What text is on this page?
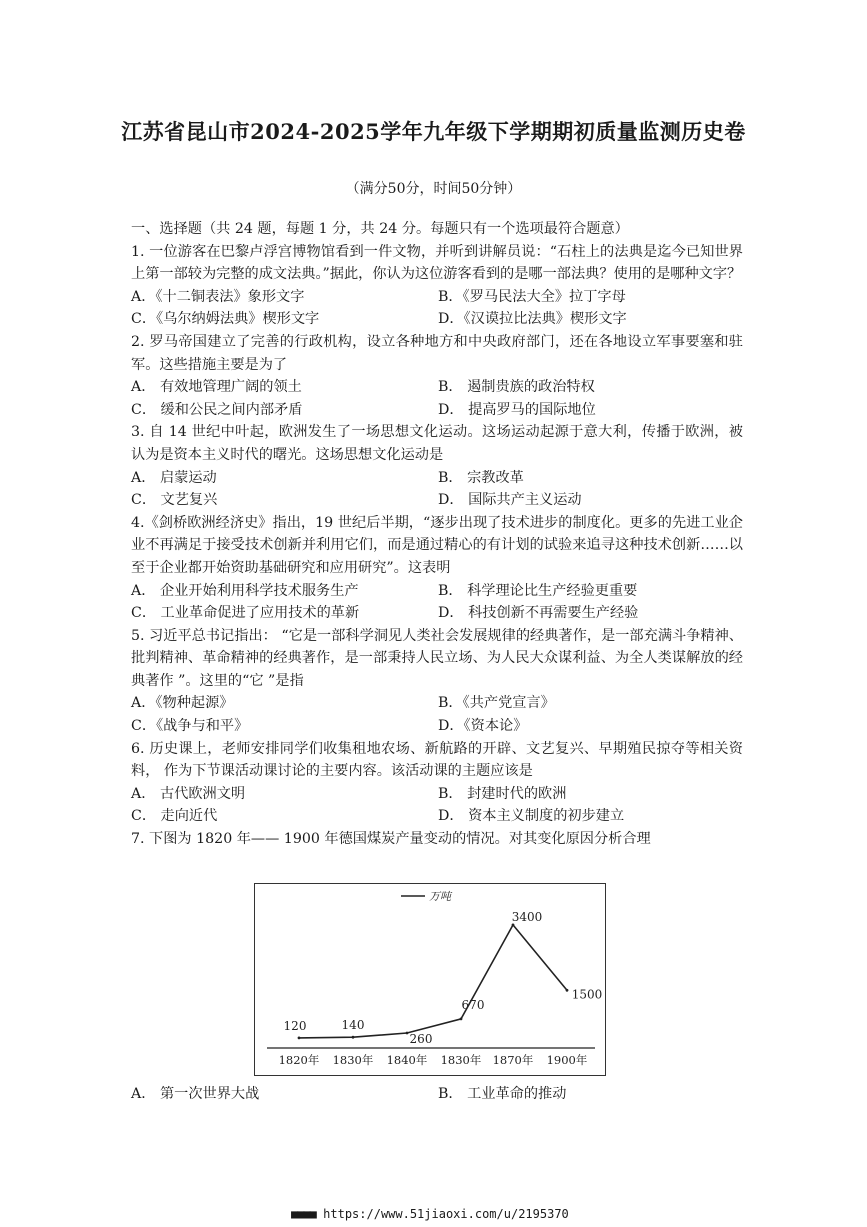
江苏省昆山市2024-2025学年九年级下学期期初质量监测历史卷
（满分50分，时间50分钟）
一、选择题（共 24 题，每题 1 分，共 24 分。每题只有一个选项最符合题意）
1. 一位游客在巴黎卢浮宫博物馆看到一件文物，并听到讲解员说：“石柱上的法典是迄今已知世界上第一部较为完整的成文法典。”据此，你认为这位游客看到的是哪一部法典？使用的是哪种文字？
A．《十二铜表法》象形文字	B．《罗马民法大全》拉丁字母
C．《乌尔纳姆法典》楔形文字	D．《汉谟拉比法典》楔形文字
2. 罗马帝国建立了完善的行政机构，设立各种地方和中央政府部门，还在各地设立军事要塞和驻军。这些措施主要是为了
A． 有效地管理广阔的领土	B． 遏制贵族的政治特权
C． 缓和公民之间内部矛盾	D． 提高罗马的国际地位
3. 自 14 世纪中叶起，欧洲发生了一场思想文化运动。这场运动起源于意大利，传播于欧洲，被认为是资本主义时代的曙光。这场思想文化运动是
A． 启蒙运动	B． 宗教改革
C． 文艺复兴	D． 国际共产主义运动
4.《剑桥欧洲经济史》指出，19 世纪后半期，“逐步出现了技术进步的制度化。更多的先进工业企业不再满足于接受技术创新并利用它们，而是通过精心的有计划的试验来追寻这种技术创新……以至于企业都开始资助基础研究和应用研究”。这表明
A． 企业开始利用科学技术服务生产	B． 科学理论比生产经验更重要
C． 工业革命促进了应用技术的革新	D． 科技创新不再需要生产经验
5. 习近平总书记指出： “它是一部科学洞见人类社会发展规律的经典著作，是一部充满斗争精神、 批判精神、革命精神的经典著作，是一部秉持人民立场、为人民大众谋利益、为全人类谋解放的经典著作 ”。这里的“它 ”是指
A．《物种起源》	B．《共产党宣言》
C．《战争与和平》	D．《资本论》
6. 历史课上，老师安排同学们收集租地农场、新航路的开辟、文艺复兴、早期殖民掠夺等相关资料， 作为下节课活动课讨论的主要内容。该活动课的主题应该是
A． 古代欧洲文明	B． 封建时代的欧洲
C． 走向近代	D． 资本主义制度的初步建立
7. 下图为 1820 年—— 1900 年德国煤炭产量变动的情况。对其变化原因分析合理
万吨
120	140
260
670
3400
1500
1820年 1830年 1840年 1830年 1870年 1900年
A． 第一次世界大战	B． 工业革命的推动
■■■■ https://www.51jiaoxi.com/u/2195370
